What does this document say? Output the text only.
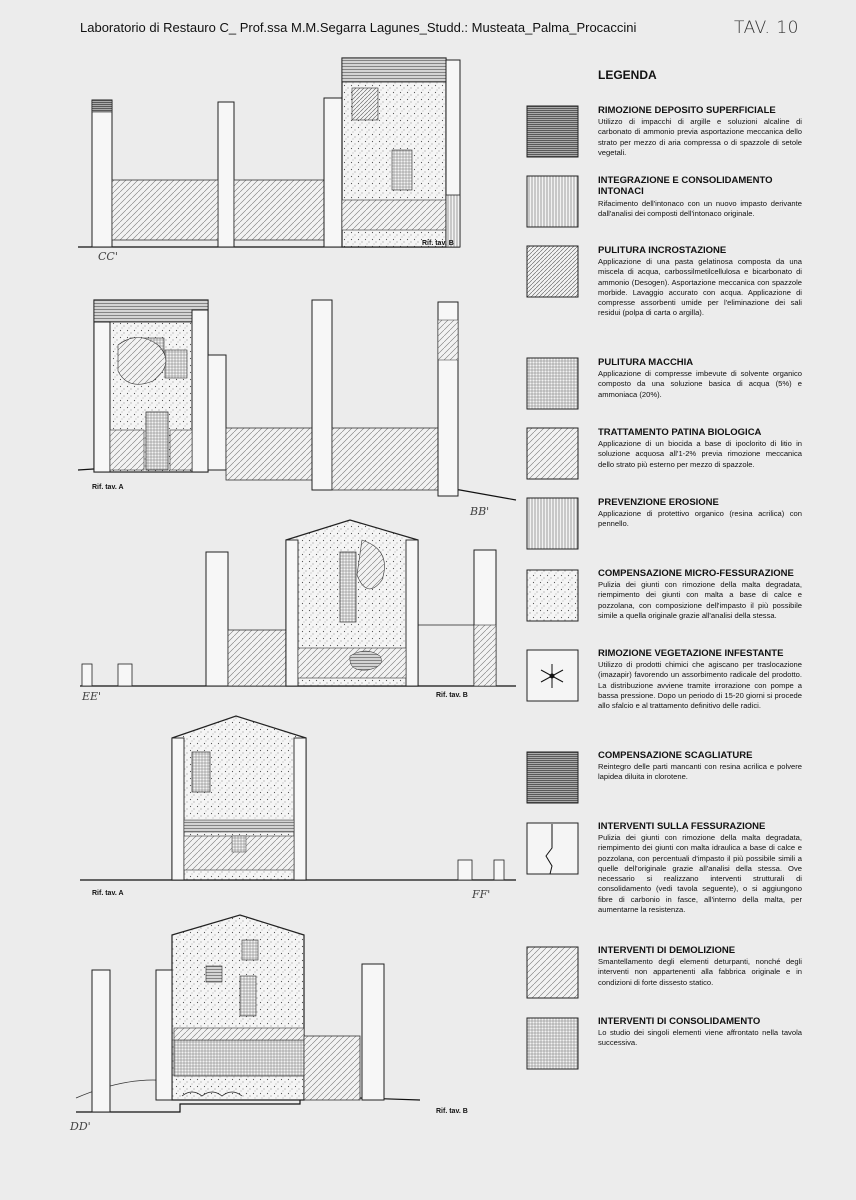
Laboratorio di Restauro C_ Prof.ssa M.M.Segarra Lagunes_Studd.: Musteata_Palma_Procaccini	TAV. 10
CC'
Rif. tav. B
Rif. tav. A
BB'
EE'	Rif. tav. B
Rif. tav. A	FF'
DD'
Rif. tav. B
LEGENDA
RIMOZIONE DEPOSITO SUPERFICIALE
Utilizzo di impacchi di argille e soluzioni alcaline di carbonato di ammonio previa asportazione meccanica dello strato per mezzo di aria compressa o di spazzole di setole vegetali.
INTEGRAZIONE E CONSOLIDAMENTO INTONACI
Rifacimento dell'intonaco con un nuovo impasto derivante dall'analisi dei composti dell'intonaco originale.
PULITURA INCROSTAZIONE
Applicazione di una pasta gelatinosa composta da una miscela di acqua, carbossilmetilcellulosa e bicarbonato di ammonio (Desogen). Asportazione meccanica con spazzole morbide. Lavaggio accurato con acqua. Applicazione di compresse assorbenti umide per l'eliminazione dei sali residui (polpa di carta o argilla).
PULITURA MACCHIA
Applicazione di compresse imbevute di solvente organico composto da una soluzione basica di acqua (5%) e ammoniaca (20%).
TRATTAMENTO PATINA BIOLOGICA
Applicazione di un biocida a base di ipoclorito di litio in soluzione acquosa all'1-2% previa rimozione meccanica dello strato più esterno per mezzo di spazzole.
PREVENZIONE EROSIONE
Applicazione di protettivo organico (resina acrilica) con pennello.
COMPENSAZIONE MICRO-FESSURAZIONE
Pulizia dei giunti con rimozione della malta degradata, riempimento dei giunti con malta a base di calce e pozzolana, con composizione dell'impasto il più possibile simile a quella originale grazie all'analisi della stessa.
RIMOZIONE VEGETAZIONE INFESTANTE
Utilizzo di prodotti chimici che agiscano per traslocazione (imazapir) favorendo un assorbimento radicale del prodotto. La distribuzione avviene tramite irrorazione con pompe a bassa pressione. Dopo un periodo di 15-20 giorni si procede allo sfalcio e al trattamento definitivo delle radici.
COMPENSAZIONE SCAGLIATURE
Reintegro delle parti mancanti con resina acrilica e polvere lapidea diluita in clorotene.
INTERVENTI SULLA FESSURAZIONE
Pulizia dei giunti con rimozione della malta degradata, riempimento dei giunti con malta idraulica a base di calce e pozzolana, con percentuali d'impasto il più possibile simili a quelle dell'originale grazie all'analisi della stessa. Ove necessario si realizzano interventi strutturali di consolidamento (vedi tavola seguente), o si aggiungono fibre di carbonio in fasce, all'interno della malta, per aumentarne la resistenza.
INTERVENTI DI DEMOLIZIONE
Smantellamento degli elementi deturpanti, nonché degli interventi non appartenenti alla fabbrica originale e in condizioni di forte dissesto statico.
INTERVENTI DI CONSOLIDAMENTO
Lo studio dei singoli elementi viene affrontato nella tavola successiva.
